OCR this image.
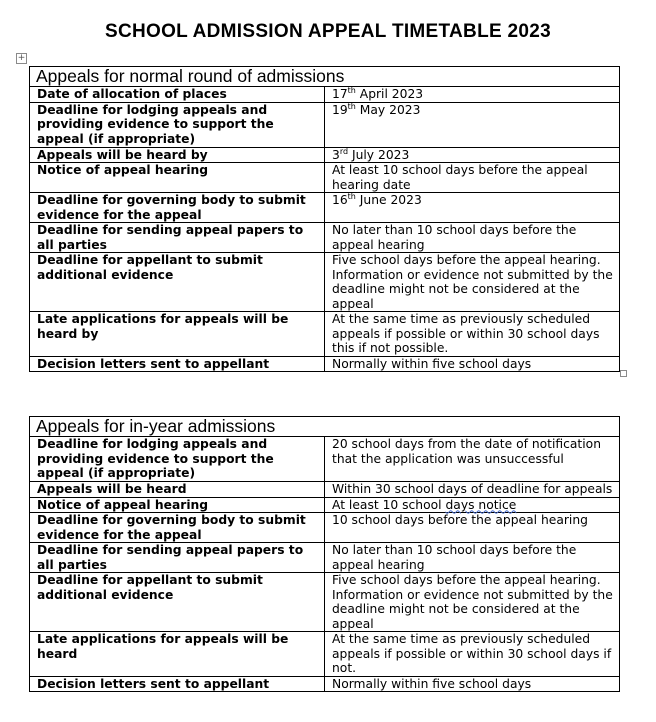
SCHOOL ADMISSION APPEAL TIMETABLE 2023
+
Appeals for normal round of admissions	
Date of allocation of places	17th April 2023
Deadline for lodging appeals and providing evidence to support the appeal (if appropriate)	19th May 2023
Appeals will be heard by	3rd July 2023
Notice of appeal hearing	At least 10 school days before the appeal hearing date
Deadline for governing body to submit evidence for the appeal	16th June 2023
Deadline for sending appeal papers to all parties	No later than 10 school days before the appeal hearing
Deadline for appellant to submit additional evidence	Five school days before the appeal hearing. Information or evidence not submitted by the deadline might not be considered at the appeal
Late applications for appeals will be heard by	At the same time as previously scheduled appeals if possible or within 30 school days this if not possible.
Decision letters sent to appellant	Normally within five school days
Appeals for in-year admissions	
Deadline for lodging appeals and providing evidence to support the appeal (if appropriate)	20 school days from the date of notification that the application was unsuccessful
Appeals will be heard	Within 30 school days of deadline for appeals
Notice of appeal hearing	At least 10 school days notice
Deadline for governing body to submit evidence for the appeal	10 school days before the appeal hearing
Deadline for sending appeal papers to all parties	No later than 10 school days before the appeal hearing
Deadline for appellant to submit additional evidence	Five school days before the appeal hearing. Information or evidence not submitted by the deadline might not be considered at the appeal
Late applications for appeals will be heard	At the same time as previously scheduled appeals if possible or within 30 school days if not.
Decision letters sent to appellant	Normally within five school days
